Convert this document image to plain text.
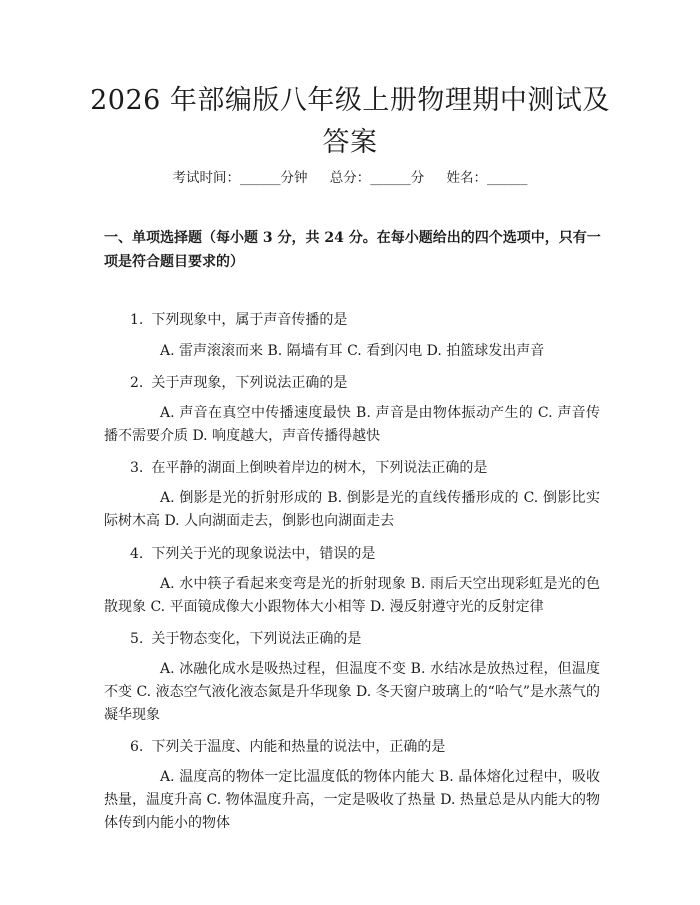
2026 年部编版八年级上册物理期中测试及答案
考试时间：______分钟 总分：______分 姓名：______
一、单项选择题（每小题 3 分，共 24 分。在每小题给出的四个选项中，只有一项是符合题目要求的）
1. 下列现象中，属于声音传播的是
A. 雷声滚滚而来 B. 隔墙有耳 C. 看到闪电 D. 拍篮球发出声音
2. 关于声现象，下列说法正确的是
A. 声音在真空中传播速度最快 B. 声音是由物体振动产生的 C. 声音传播不需要介质 D. 响度越大，声音传播得越快
3. 在平静的湖面上倒映着岸边的树木，下列说法正确的是
A. 倒影是光的折射形成的 B. 倒影是光的直线传播形成的 C. 倒影比实际树木高 D. 人向湖面走去，倒影也向湖面走去
4. 下列关于光的现象说法中，错误的是
A. 水中筷子看起来变弯是光的折射现象 B. 雨后天空出现彩虹是光的色散现象 C. 平面镜成像大小跟物体大小相等 D. 漫反射遵守光的反射定律
5. 关于物态变化，下列说法正确的是
A. 冰融化成水是吸热过程，但温度不变 B. 水结冰是放热过程，但温度不变 C. 液态空气液化液态氮是升华现象 D. 冬天窗户玻璃上的“哈气”是水蒸气的凝华现象
6. 下列关于温度、内能和热量的说法中，正确的是
A. 温度高的物体一定比温度低的物体内能大 B. 晶体熔化过程中，吸收热量，温度升高 C. 物体温度升高，一定是吸收了热量 D. 热量总是从内能大的物体传到内能小的物体
